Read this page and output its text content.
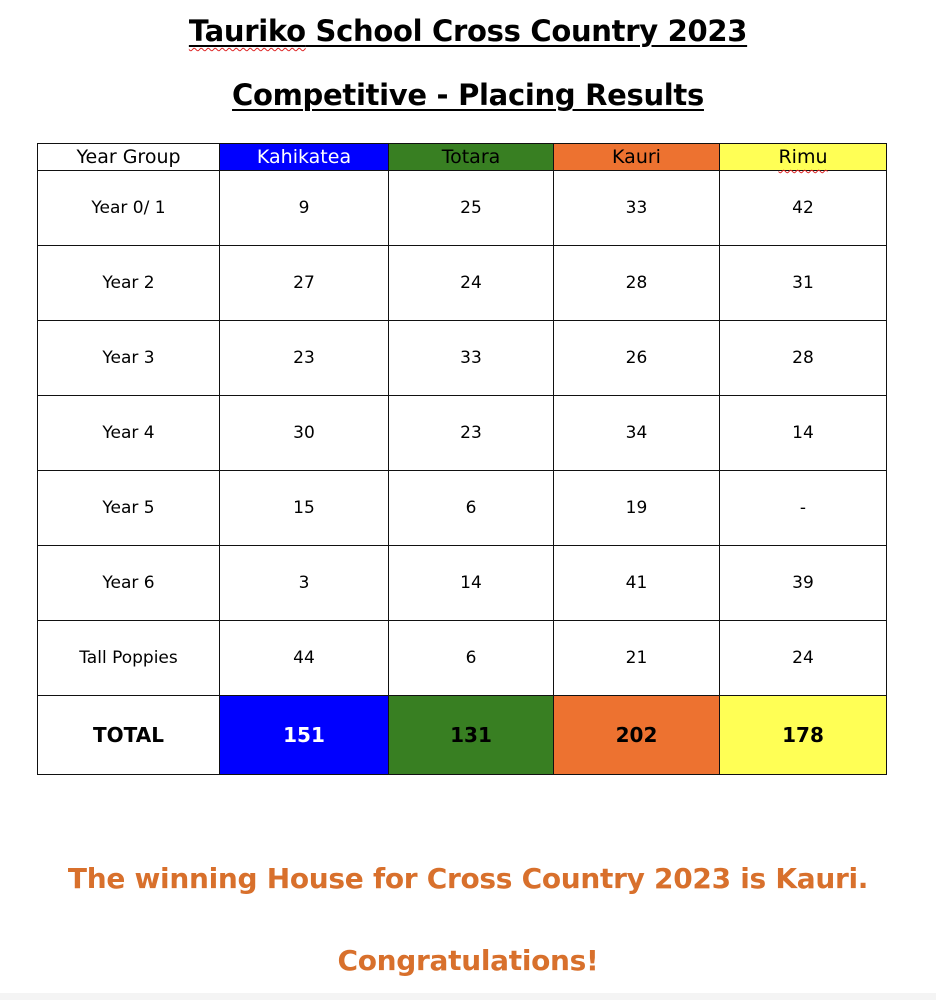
Tauriko School Cross Country 2023
Competitive - Placing Results
Year Group	Kahikatea	Totara	Kauri	Rimu
Year 0/ 1	9	25	33	42
Year 2	27	24	28	31
Year 3	23	33	26	28
Year 4	30	23	34	14
Year 5	15	6	19	-
Year 6	3	14	41	39
Tall Poppies	44	6	21	24
TOTAL	151	131	202	178
The winning House for Cross Country 2023 is Kauri.
Congratulations!
